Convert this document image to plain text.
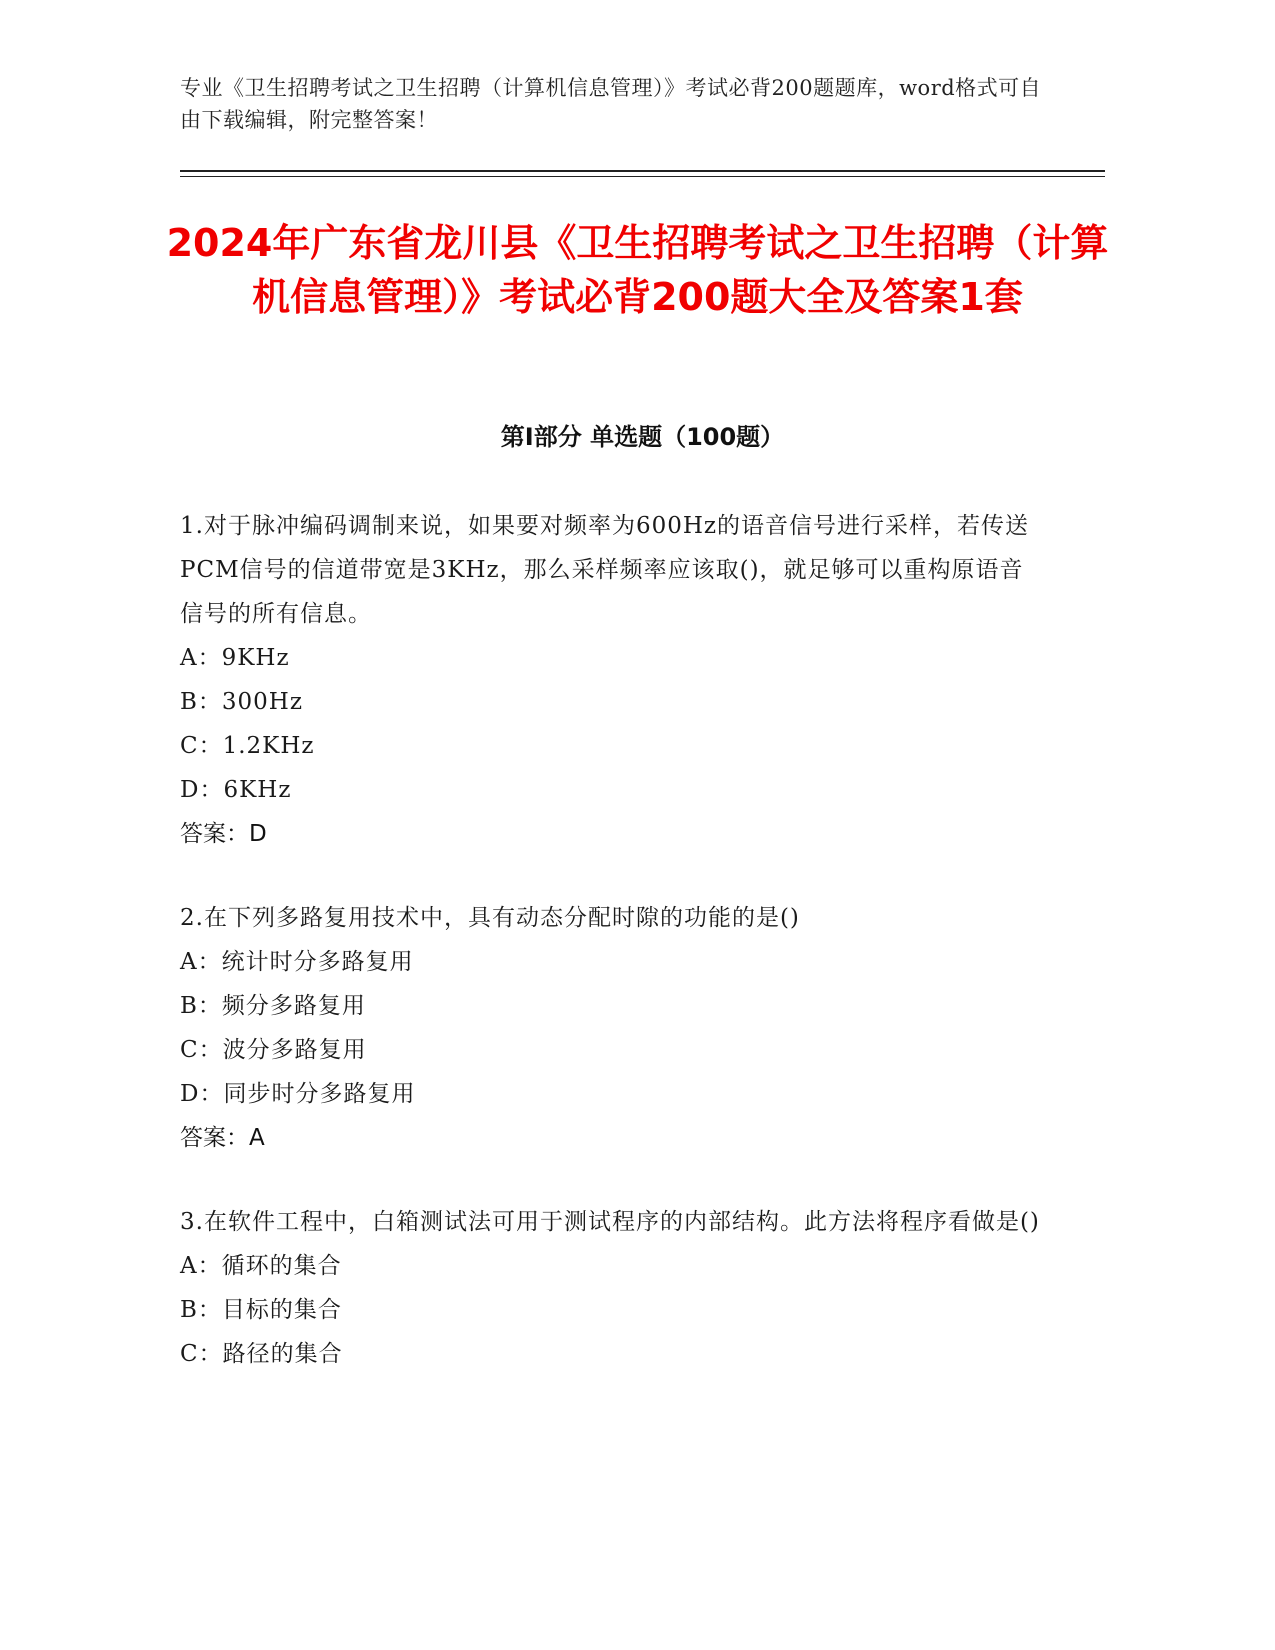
专业《卫生招聘考试之卫生招聘（计算机信息管理）》考试必背200题题库，word格式可自由下载编辑，附完整答案！
2024年广东省龙川县《卫生招聘考试之卫生招聘（计算机信息管理）》考试必背200题大全及答案1套
第I部分 单选题（100题）
1.对于脉冲编码调制来说，如果要对频率为600Hz的语音信号进行采样，若传送PCM信号的信道带宽是3KHz，那么采样频率应该取()，就足够可以重构原语音信号的所有信息。
A：9KHz
B：300Hz
C：1.2KHz
D：6KHz
答案：D
2.在下列多路复用技术中，具有动态分配时隙的功能的是()
A：统计时分多路复用
B：频分多路复用
C：波分多路复用
D：同步时分多路复用
答案：A
3.在软件工程中，白箱测试法可用于测试程序的内部结构。此方法将程序看做是()
A：循环的集合
B：目标的集合
C：路径的集合
